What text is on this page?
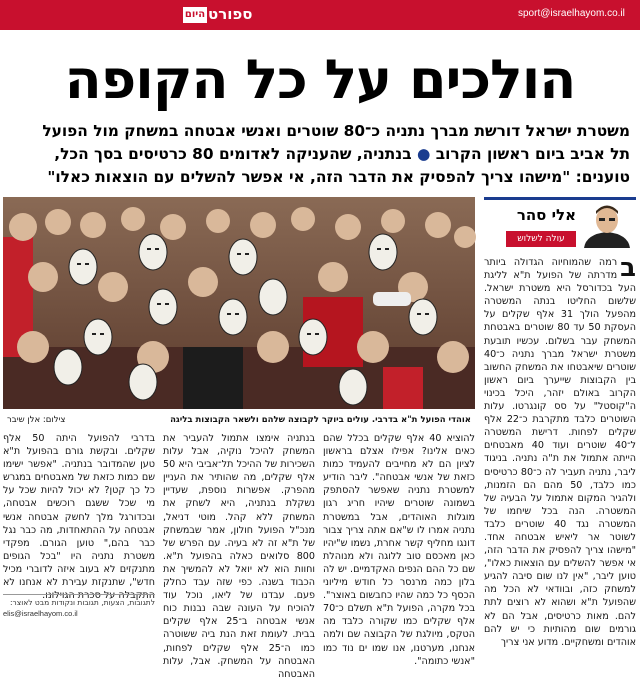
היום ספורט	sport@israelhayom.co.il
הולכים על כל הקופה
משטרת ישראל דורשת מברך נתניה כ־80 שוטרים ואנשי אבטחה במשחק מול הפועל
תל אביב ביום ראשון הקרוב ● בנתניה, שהעניקה לאדומים 80 כרטיסים בסך הכל,
טוענים: "מישהו צריך להפסיק את הדבר הזה, אי אפשר להשלים עם הוצאות כאלו"
אוהדי הפועל ת"א בדרבי. עולים ביוקר לקבוצה שלהם ולשאר הקבוצות בליגה
צילום: אלן שיבר
אלי סהר
עולה לשלוש
ב

רמה שהמוחיוה הגדולה ביותר מדרתה של הפועל ת"א לליגת העל בכדורסל היא משטרת ישראל. שלשום החליטו בנתה המשטרה מהפעל הולך 31 אלף שקלים על העסקת 50 עד 80 שוטרים באבטחת המשחק עבר בשלום. עכשיו תובעת משטרת ישראל מברך נתניה כ־40 שוטרים שיאבטחו את המשחק החשוב בין הקבוצות שייערך ביום ראשון הקרוב באולם יזהר, היכל בכינוי ה"קוסטל" על סס קונגרטו. עלות השוטרים כלבד מתקרבת כ־22 אלף שקלים לפחות. דרישת המשטרה ל־40 שוטרים ועוד 40 מאבטחים הייתה אתמול את ת"ה נתניה. בניגוד ליבר, נתניה תעביר לה כ־80 כרטיסים כמו כלבד, 50 מהם הם הזמנות, ולהגיר המקום אתמול על הבעיה של המשטרה. הנה בכל שיחמו של המשטרה נגד 40 שוטרים כלבד לשוטר אר ליאיש אבטחה אחד. "מישהו צריך להפסיק את הדבר הזה, אי אפשר להשלים עם הוצאות כאלו", טוען ליבר, "אין לנו שום סיבה להגיע למשחק כזה, ובוודאי לא הכל מה שהפועל ת"א ושהוא לא רוצים לתת להם. מאות כרטיסים, אבל הם לא גורמים שום מהותיות כי יש להם אוהדים ומשחקיים. מדוע אני צריך

להוציא 40 אלף שקלים בכלל שהם כאים אלינו? אפילו אצלם בראשון לציון הם לא מחייבים להעמיד כמות כזאת של אנשי אבטחה". ליבר הודיע למשטרת נתניה שאפשר להסתפק בשמונה שוטרים שיהיו חריג רגון מוגלות האוהדים, אבל במשטרת נתניה אמרו לו ש"אם אתה צריך צבור דונגו מחליף קשר אחרת, נשמו ש"יהיו כאן מאכסם טוב ללוגה ולא מנוהלת שם כל ההם הנפים האקדמיים. יש לה בלון כמה מרנסר כל חודש מיליוני הכסף כל כמה שהיו כחבשום באוצר". בכל מקרה, הפועל ת"א תשלם כ־70 אלף שקלים כמו שקורה כלבד מה הטקס, מיולגת של הקבוצה שם ולמה אנחנו, מערטנו, אנו שמו ים נוד כמו "אנשי כתומה".

בנתניה אימצו אתמול להעביר את המשחק להיכל נוקיה, אבל עלות השכירות של ההיכל תל־אביבי היא 50 אלף שקלים, מה שהותיר את העניין מהפרק. אפשרות נוספת, שעדיין נשקלת בנתניה, היא לשחק את המשחק ללא קהל. מוטי דניאל, מנכ"ל הפועל חולון, אמר שבמשחק של ת"א זה לא בעיה. עם הפרש של 800 סלואים כאלה בהפועל ת"א. וחוות הוא לא יואל לא להמשיך את הכבוד בשנה. כפי שזה עבד כחלק פעם. עבדנו של ליאו, נוכל עוד להוכיח על העונה שבה נבנות כוח אנשי אבטחה ב־25 אלף שקלים בבית. לעומת זאת הנת ביה ששוטרה כמו ה־25 אלף שקלים לפחות, האבטחה על המשחק. אבל, עלות האבטחה

בדרבי להפועל היתה 50 אלף שקלים. ובקשת גורם בהפועל ת"א טען שהמדובר בנתניה. "אפשר ישימו שם כמות כזאת של מאבטחים במגרש כל כך קטן? לא יכול להיות שכל על מי שכל ששגם רוכשים אבטחה, ובכדורגל מלך לחשק אבטחה אנשי אבטחה על ההתאחדות, מה כבר נגל כבר בהם," טוען הגורם. מפקדי משטרת נתניה היו "בכל הגופים מתנקזים לא בעוב איזה לדוברי מכיל חדש", שתנקזת עבירת לא אנחנו לא התקבלה על סכרת הגוילונו.

לתגובות, הצעות, תגובות ונקודות מבט לאוצר:
elis@israelhayom.co.il
